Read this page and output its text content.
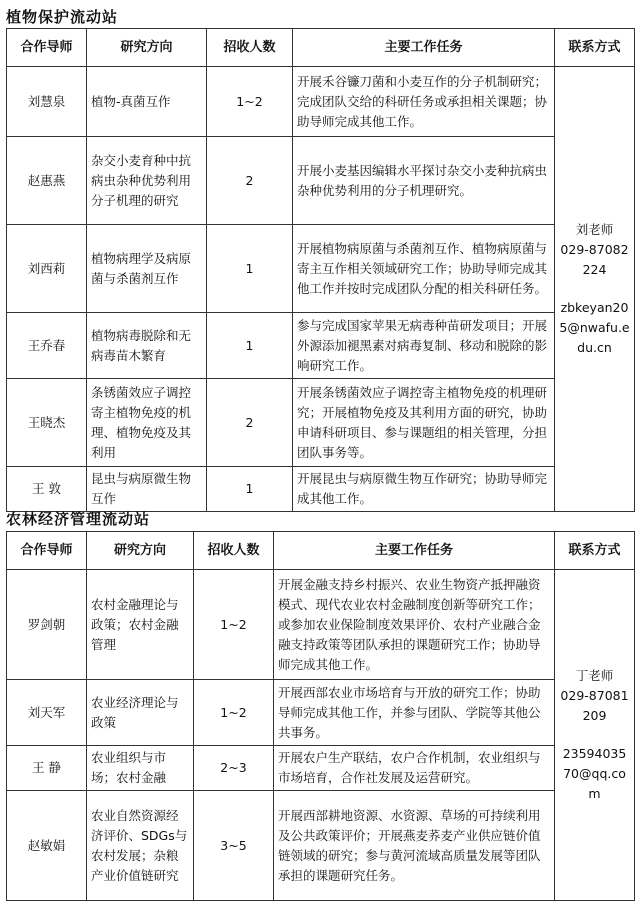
植物保护流动站
合作导师	研究方向	招收人数	主要工作任务	联系方式
刘慧泉	植物-真菌互作	1~2	开展禾谷镰刀菌和小麦互作的分子机制研究；完成团队交给的科研任务或承担相关课题；协助导师完成其他工作。	刘老师
029-87082224
zbkeyan205@nwafu.edu.cn

赵惠燕	杂交小麦育种中抗病虫杂种优势利用分子机理的研究	2	开展小麦基因编辑水平探讨杂交小麦种抗病虫杂种优势利用的分子机理研究。	
刘西莉	植物病理学及病原菌与杀菌剂互作	1	开展植物病原菌与杀菌剂互作、植物病原菌与寄主互作相关领域研究工作；协助导师完成其他工作并按时完成团队分配的相关科研任务。	
王乔春	植物病毒脱除和无病毒苗木繁育	1	参与完成国家苹果无病毒种苗研发项目；开展外源添加褪黑素对病毒复制、移动和脱除的影响研究工作。	
王晓杰	条锈菌效应子调控寄主植物免疫的机理、植物免疫及其利用	2	开展条锈菌效应子调控寄主植物免疫的机理研究；开展植物免疫及其利用方面的研究，协助申请科研项目、参与课题组的相关管理，分担团队事务等。	
王 敦	昆虫与病原微生物互作	1	开展昆虫与病原微生物互作研究；协助导师完成其他工作。	
农林经济管理流动站
合作导师	研究方向	招收人数	主要工作任务	联系方式
罗剑朝	农村金融理论与政策；农村金融管理	1~2	开展金融支持乡村振兴、农业生物资产抵押融资模式、现代农业农村金融制度创新等研究工作；或参加农业保险制度效果评价、农村产业融合金融支持政策等团队承担的课题研究工作；协助导师完成其他工作。	丁老师
029-87081209
2359403570@qq.com

刘天军	农业经济理论与政策	1~2	开展西部农业市场培育与开放的研究工作；协助导师完成其他工作，并参与团队、学院等其他公共事务。	
王 静	农业组织与市场；农村金融	2~3	开展农户生产联结，农户合作机制，农业组织与市场培育，合作社发展及运营研究。	
赵敏娟	农业自然资源经济评价、SDGs与农村发展；杂粮产业价值链研究	3~5	开展西部耕地资源、水资源、草场的可持续利用及公共政策评价；开展燕麦荞麦产业供应链价值链领域的研究；参与黄河流域高质量发展等团队承担的课题研究任务。	
